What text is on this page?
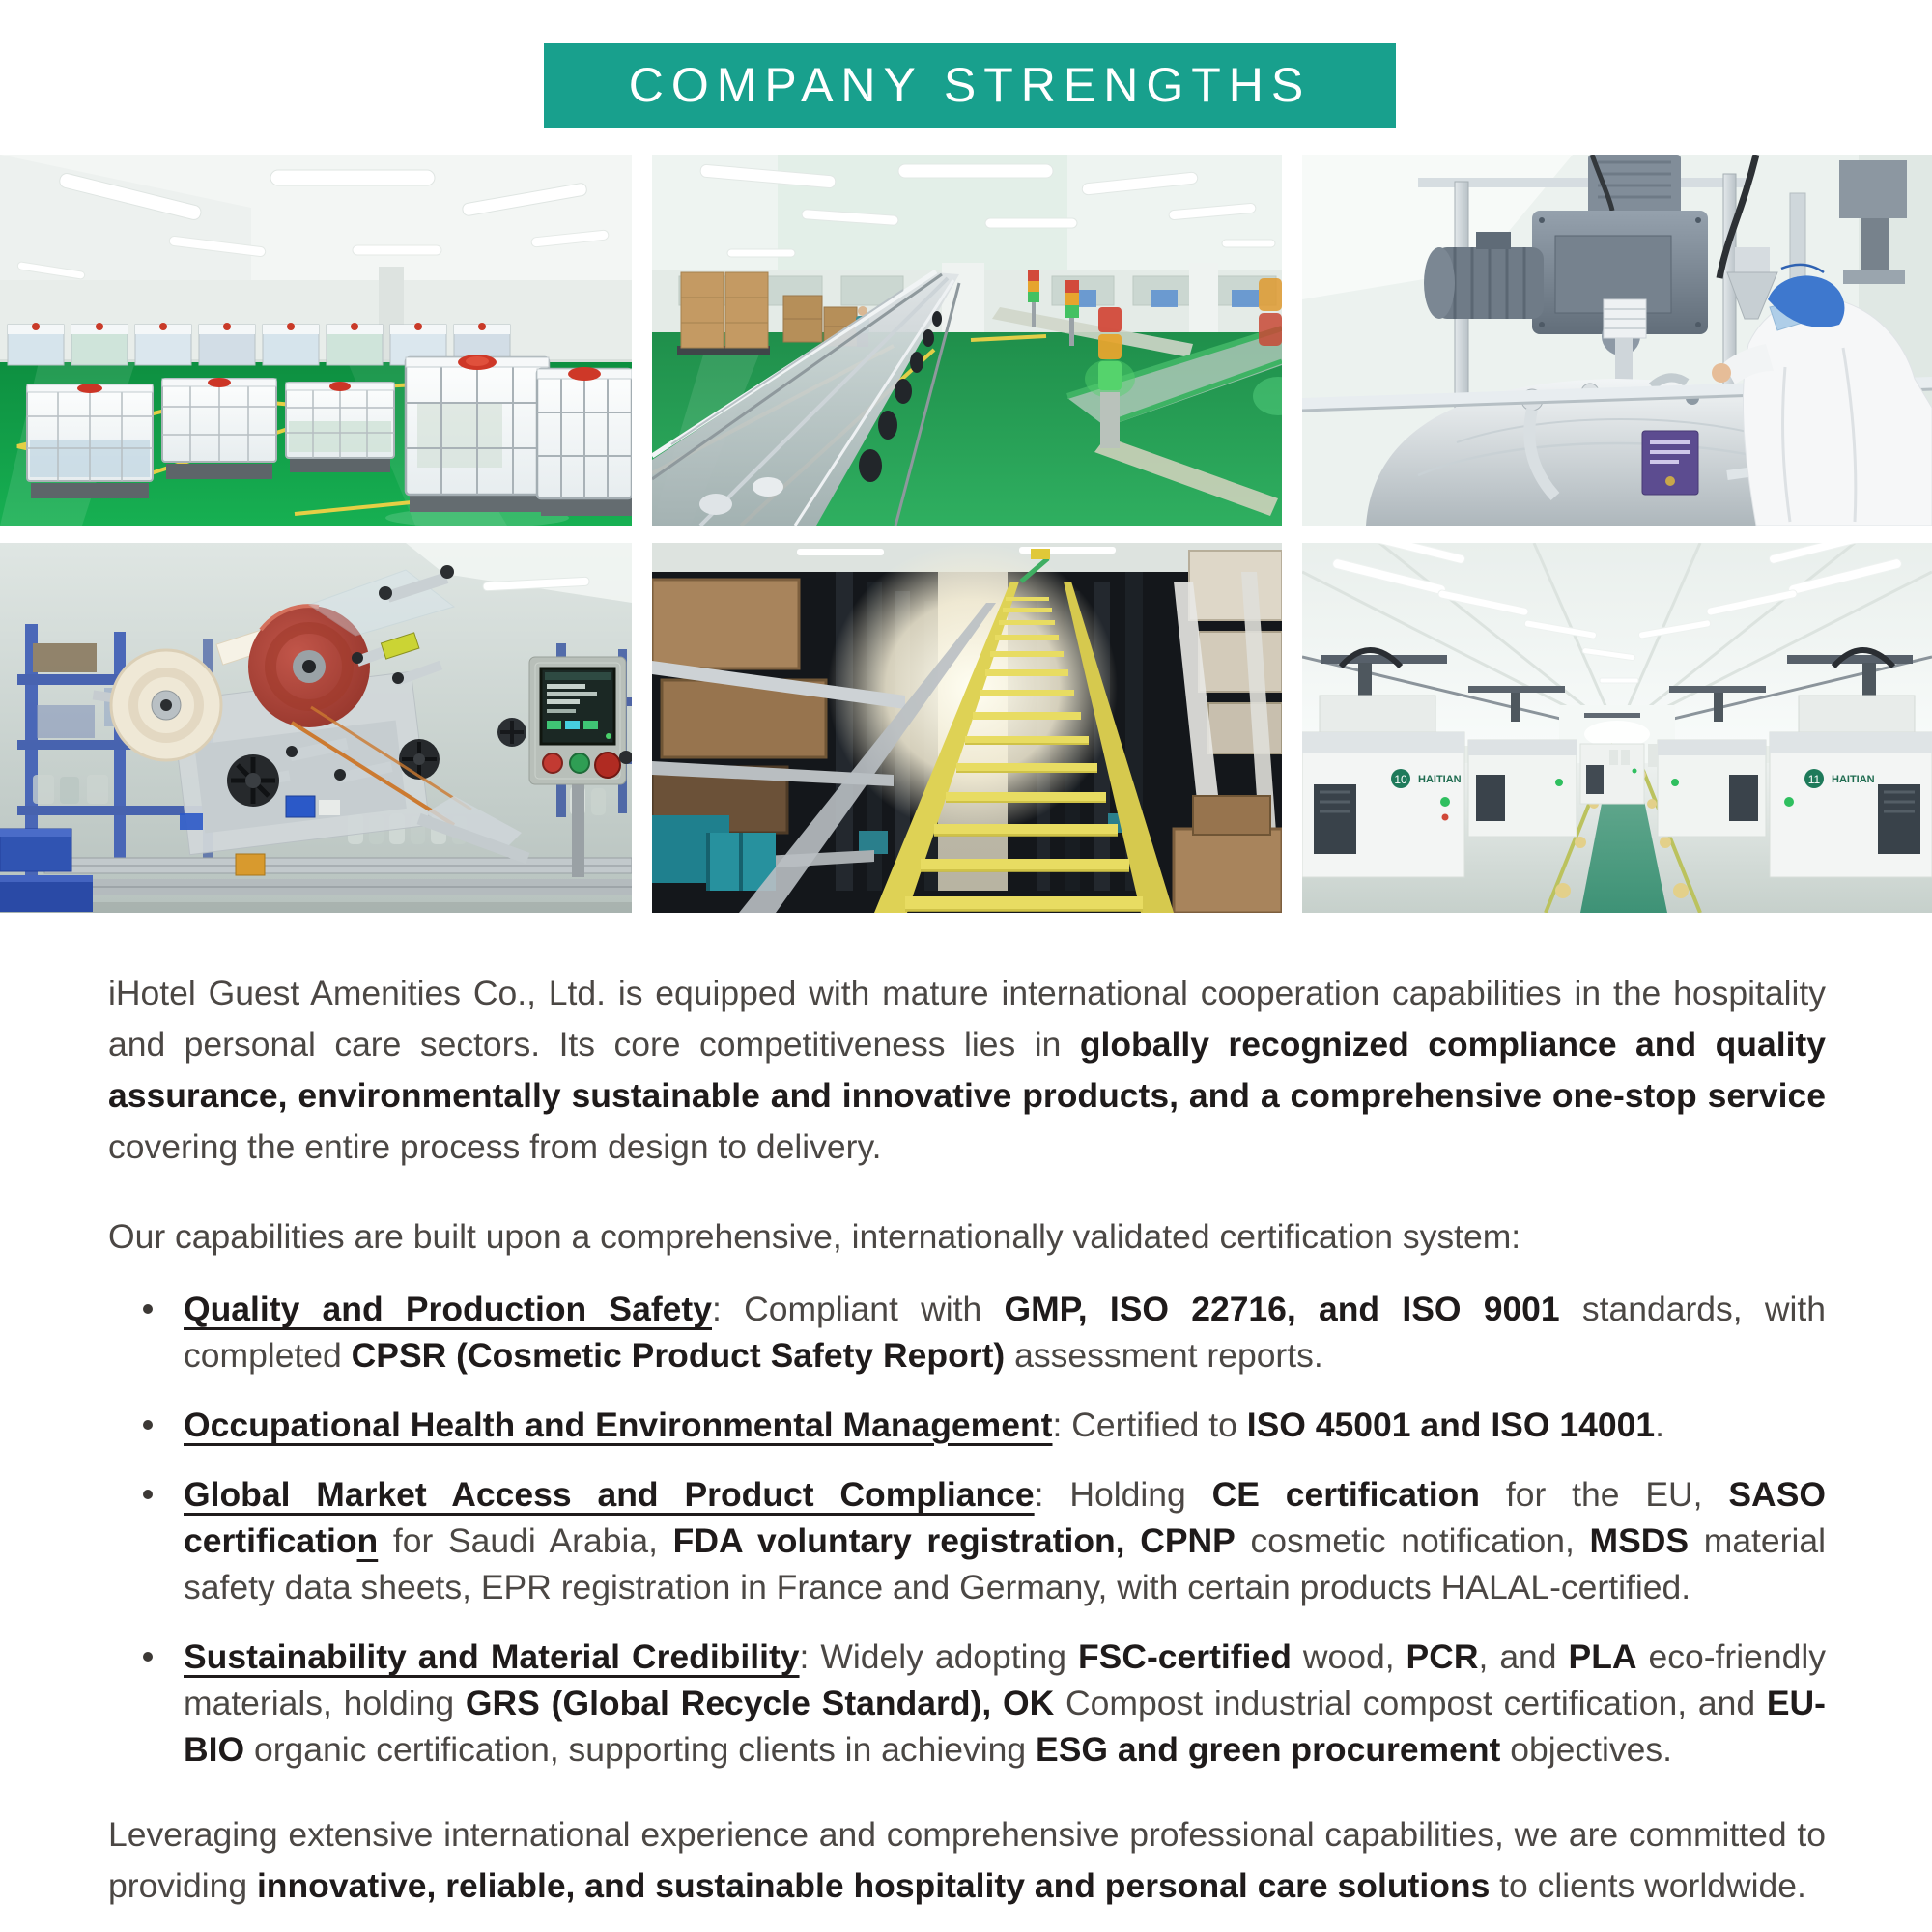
COMPANY STRENGTHS
10 HAITIAN	11 HAITIAN

iHotel Guest Amenities Co., Ltd. is equipped with mature international cooperation capabilities in the hospitality and personal care sectors. Its core competitiveness lies in globally recognized compliance and quality assurance, environmentally sustainable and innovative products, and a comprehensive one-stop service covering the entire process from design to delivery.

Our capabilities are built upon a comprehensive, internationally validated certification system:

Quality and Production Safety: Compliant with GMP, ISO 22716, and ISO 9001 standards, with completed CPSR (Cosmetic Product Safety Report) assessment reports.
Occupational Health and Environmental Management: Certified to ISO 45001 and ISO 14001.
Global Market Access and Product Compliance: Holding CE certification for the EU, SASO certification for Saudi Arabia, FDA voluntary registration, CPNP cosmetic notification, MSDS material safety data sheets, EPR registration in France and Germany, with certain products HALAL-certified.
Sustainability and Material Credibility: Widely adopting FSC-certified wood, PCR, and PLA eco-friendly materials, holding GRS (Global Recycle Standard), OK Compost industrial compost certification, and EU-BIO organic certification, supporting clients in achieving ESG and green procurement objectives.

Leveraging extensive international experience and comprehensive professional capabilities, we are committed to providing innovative, reliable, and sustainable hospitality and personal care solutions to clients worldwide.
